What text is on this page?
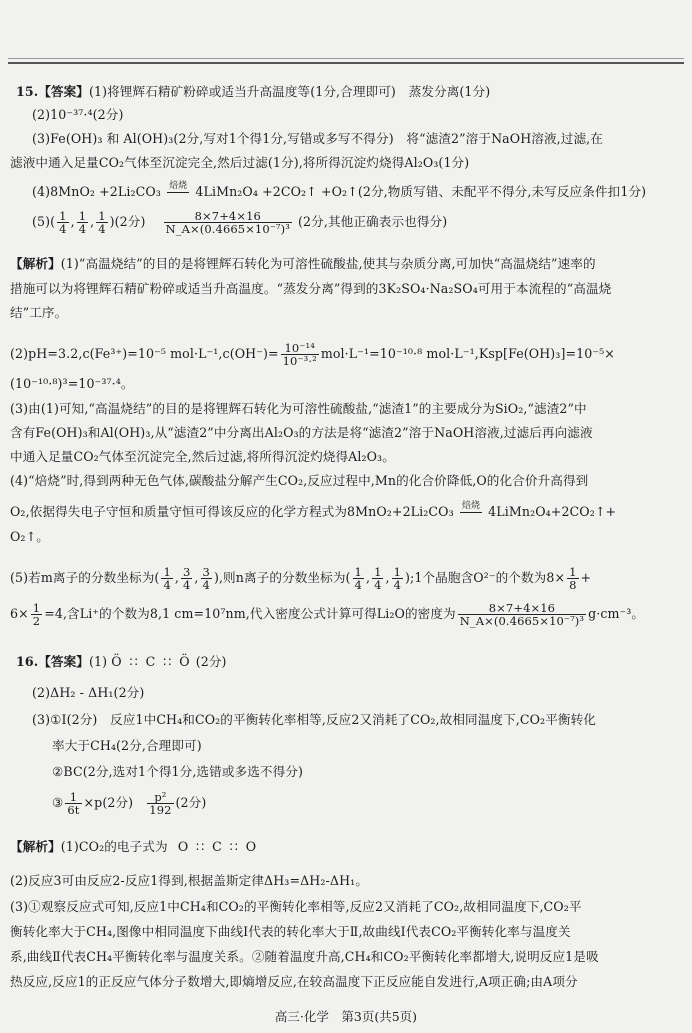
15.【答案】(1)将锂辉石精矿粉碎或适当升高温度等(1分,合理即可)　蒸发分离(1分)
(2)10⁻³⁷·⁴(2分)
(3)Fe(OH)₃ 和 Al(OH)₃(2分,写对1个得1分,写错或多写不得分)　将“滤渣2”溶于NaOH溶液,过滤,在
滤液中通入足量CO₂气体至沉淀完全,然后过滤(1分),将所得沉淀灼烧得Al₂O₃(1分)
(4)8MnO₂ +2Li₂CO₃ 焙烧
4LiMn₂O₄ +2CO₂↑ +O₂↑(2分,物质写错、未配平不得分,未写反应条件扣1分)
$(5)( \frac{1}{4}$ , $\frac{1}{4}$ , $\frac{1}{4} )(2$分) $\frac{8\times 7+4\times 16}{\text{N\_A×(0.4665×10⁻⁷)³}} (2$分,其他正确表示也得分)
【解析】(1)“高温烧结”的目的是将锂辉石转化为可溶性硫酸盐,使其与杂质分离,可加快“高温烧结”速率的
措施可以为将锂辉石精矿粉碎或适当升高温度。“蒸发分离”得到的3K₂SO₄·Na₂SO₄可用于本流程的“高温烧
结”工序。
(2)pH=3.2,c(Fe³⁺)=10⁻⁵ $mol\cdot L^{-1},c(OH^-)= \frac{\text{10⁻¹⁴}}{\text{10⁻³·²}} mol\cdot L^{-1}=10^{-10}\cdot^8$ mol·L⁻¹,Ksp[Fe(OH)₃]=10⁻⁵×
(10⁻¹⁰·⁸)³=10⁻³⁷·⁴。
(3)由(1)可知,“高温烧结”的目的是将锂辉石转化为可溶性硫酸盐,“滤渣1”的主要成分为SiO₂,“滤渣2”中
含有Fe(OH)₃和Al(OH)₃,从“滤渣2”中分离出Al₂O₃的方法是将“滤渣2”溶于NaOH溶液,过滤后再向滤液
中通入足量CO₂气体至沉淀完全,然后过滤,将所得沉淀灼烧得Al₂O₃。
(4)“焙烧”时,得到两种无色气体,碳酸盐分解产生CO₂,反应过程中,Mn的化合价降低,O的化合价升高得到
O₂,依据得失电子守恒和质量守恒可得该反应的化学方程式为8MnO₂+2Li₂CO₃ 焙烧
4LiMn₂O₄+2CO₂↑+
O₂↑。
(5)若m离子的分数坐标为( $\frac{1}{4}$ , $\frac{3}{4}$ , $\frac{3}{4}$ ),则n离子的分数坐标为( $\frac{1}{4}$ , $\frac{1}{4}$ , $\frac{1}{4}$ );1个晶胞含O²⁻的个数为$8\times \frac{1}{8}$ +
$6\times \frac{1}{2} =4$,含Li⁺的个数为8,1 cm=10⁷nm,代入密度公式计算可得Li₂O的密度为 $\frac{8\times 7+4\times 16}{\text{N\_A×(0.4665×10⁻⁷)³}} g\cdot cm^{-3}$。
16.【答案】(1) Ö ∷ C ∷ Ö (2分)
(2)ΔH₂ - ΔH₁(2分)
(3)①Ⅰ(2分)　反应1中CH₄和CO₂的平衡转化率相等,反应2又消耗了CO₂,故相同温度下,CO₂平衡转化
率大于CH₄(2分,合理即可)
②BC(2分,选对1个得1分,选错或多选不得分)
③ $\frac{1}{6t} \times p(2$分) $\frac{\text{p²}}{192} (2$分)
【解析】(1)CO₂的电子式为 O ∷ C ∷ O
(2)反应3可由反应2-反应1得到,根据盖斯定律ΔH₃=ΔH₂-ΔH₁。
(3)①观察反应式可知,反应1中CH₄和CO₂的平衡转化率相等,反应2又消耗了CO₂,故相同温度下,CO₂平
衡转化率大于CH₄,图像中相同温度下曲线Ⅰ代表的转化率大于Ⅱ,故曲线Ⅰ代表CO₂平衡转化率与温度关
系,曲线Ⅱ代表CH₄平衡转化率与温度关系。②随着温度升高,CH₄和CO₂平衡转化率都增大,说明反应1是吸
热反应,反应1的正反应气体分子数增大,即熵增反应,在较高温度下正反应能自发进行,A项正确;由A项分
高三·化学　第3页(共5页)
